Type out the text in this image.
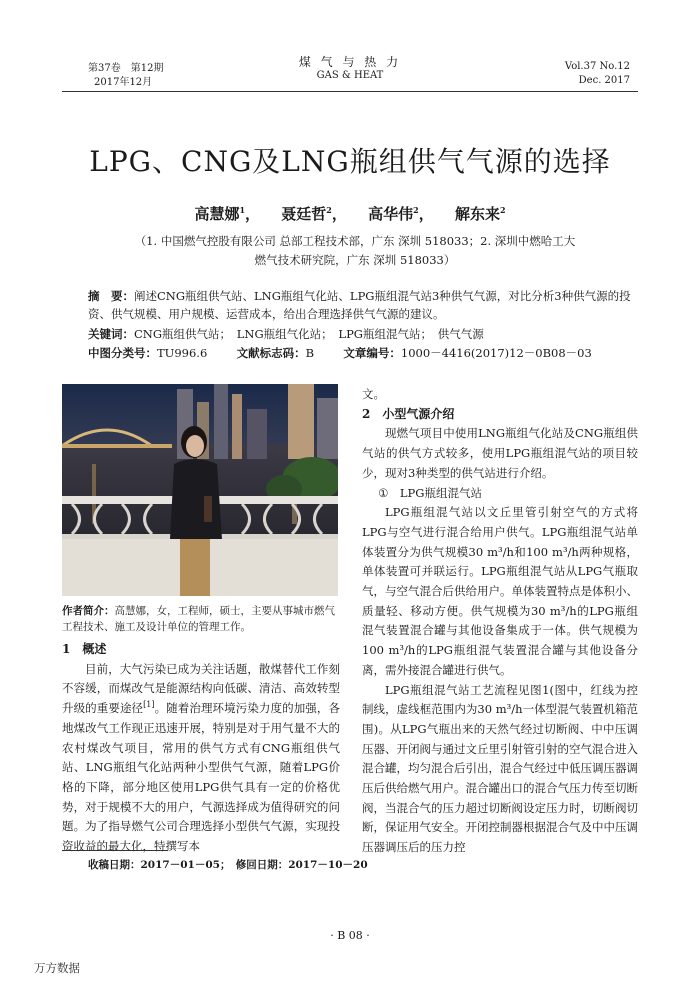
第37卷　第12期
2017年12月
煤 气 与 热 力
GAS & HEAT
Vol.37 No.12
Dec. 2017
LPG、CNG及LNG瓶组供气气源的选择
高慧娜$^1$， 聂廷哲$^2$， 高华伟$^2$， 解东来$^2$
（1. 中国燃气控股有限公司 总部工程技术部，广东 深圳 518033；2. 深圳中燃哈工大
燃气技术研究院，广东 深圳 518033）
摘　要：阐述CNG瓶组供气站、LNG瓶组气化站、LPG瓶组混气站3种供气气源，对比分析3种供气源的投资、供气规模、用户规模、运营成本，给出合理选择供气气源的建议。
关键词：CNG瓶组供气站；　LNG瓶组气化站；　LPG瓶组混气站；　供气气源
中图分类号：TU996.6	文献标志码：B	文章编号：1000－4416(2017)12－0B08－03
作者简介：高慧娜，女，工程师，硕士，主要从事城市燃气工程技术、施工及设计单位的管理工作。

1　概述

目前，大气污染已成为关注话题，散煤替代工作刻不容缓，而煤改气是能源结构向低碳、清洁、高效转型升级的重要途径[1]。随着治理环境污染力度的加强，各地煤改气工作现正迅速开展，特别是对于用气量不大的农村煤改气项目，常用的供气方式有CNG瓶组供气站、LNG瓶组气化站两种小型供气气源，随着LPG价格的下降，部分地区使用LPG供气具有一定的价格优势，对于规模不大的用户，气源选择成为值得研究的问题。为了指导燃气公司合理选择小型供气气源，实现投资收益的最大化，特撰写本

文。

2　小型气源介绍

现燃气项目中使用LNG瓶组气化站及CNG瓶组供气站的供气方式较多，使用LPG瓶组混气站的项目较少，现对3种类型的供气站进行介绍。

①　LPG瓶组混气站

LPG瓶组混气站以文丘里管引射空气的方式将LPG与空气进行混合给用户供气。LPG瓶组混气站单体装置分为供气规模30 m³/h和100 m³/h两种规格，单体装置可并联运行。LPG瓶组混气站从LPG气瓶取气，与空气混合后供给用户。单体装置特点是体积小、质量轻、移动方便。供气规模为30 m³/h的LPG瓶组混气装置混合罐与其他设备集成于一体。供气规模为100 m³/h的LPG瓶组混气装置混合罐与其他设备分离，需外接混合罐进行供气。

LPG瓶组混气站工艺流程见图1(图中，红线为控制线，虚线框范围内为30 m³/h一体型混气装置机箱范围)。从LPG气瓶出来的天然气经过切断阀、中中压调压器、开闭阀与通过文丘里引射管引射的空气混合进入混合罐，均匀混合后引出，混合气经过中低压调压器调压后供给燃气用户。混合罐出口的混合气压力传至切断阀，当混合气的压力超过切断阀设定压力时，切断阀切断，保证用气安全。开闭控制器根据混合气及中中压调压器调压后的压力控

收稿日期：2017－01－05；　修回日期：2017－10－20
· B 08 ·
万方数据
